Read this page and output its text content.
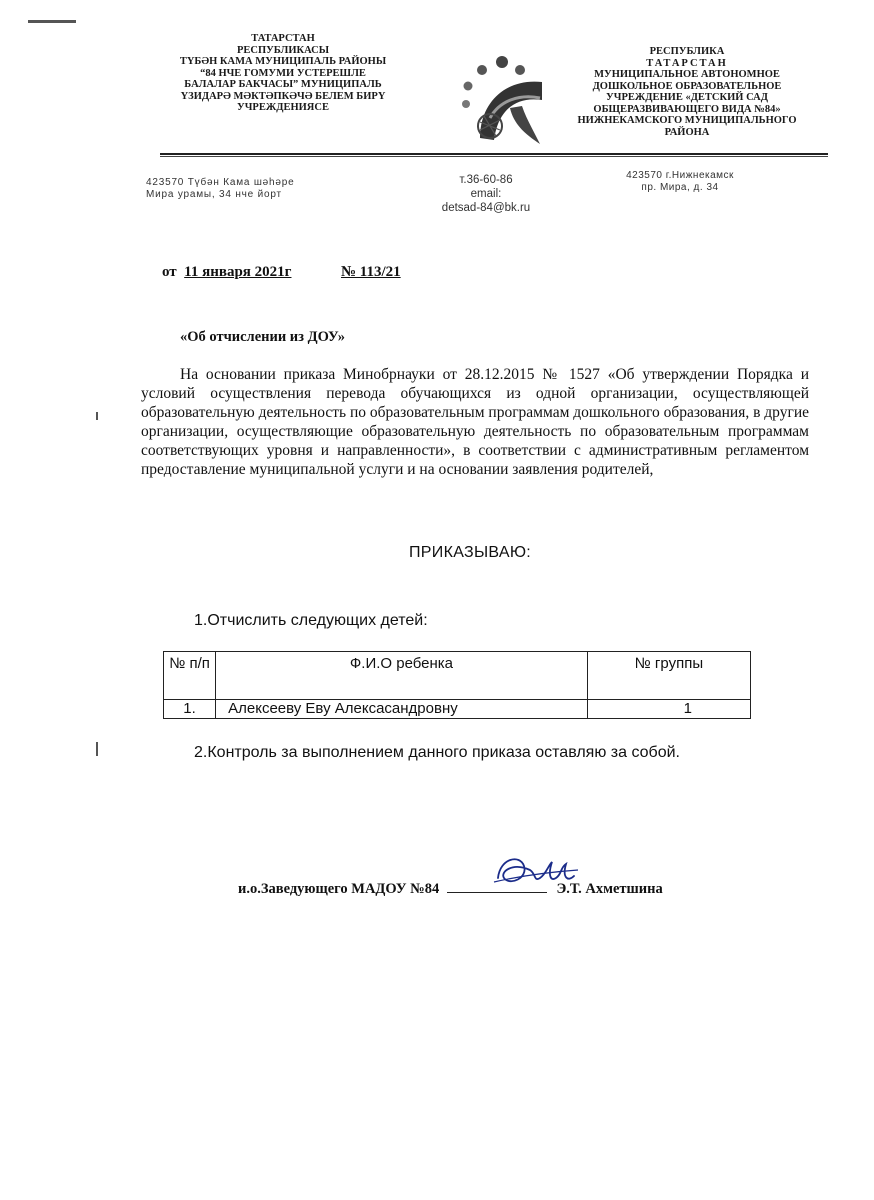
ТАТАРСТАН
РЕСПУБЛИКАСЫ
ТҮБӘН КАМА МУНИЦИПАЛЬ РАЙОНЫ
“84 НЧЕ ГОМУМИ УСТЕРЕШЛЕ
БАЛАЛАР БАКЧАСЫ” МУНИЦИПАЛЬ
ҮЗИДАРӘ МӘКТӘПКӘЧӘ БЕЛЕМ БИРҮ
УЧРЕЖДЕНИЯСЕ
РЕСПУБЛИКА
ТАТАРСТАН
МУНИЦИПАЛЬНОЕ АВТОНОМНОЕ
ДОШКОЛЬНОЕ ОБРАЗОВАТЕЛЬНОЕ
УЧРЕЖДЕНИЕ «ДЕТСКИЙ САД
ОБЩЕРАЗВИВАЮЩЕГО ВИДА №84»
НИЖНЕКАМСКОГО МУНИЦИПАЛЬНОГО
РАЙОНА
423570 Түбән Кама шәһәре
Мира урамы, 34 нче йорт
т.36-60-86
email:
detsad-84@bk.ru
423570 г.Нижнекамск
пр. Мира, д. 34
от 11 января 2021г	№ 113/21
«Об отчислении из ДОУ»

На основании приказа Минобрнауки от 28.12.2015 № 1527 «Об утверждении Порядка и условий осуществления перевода обучающихся из одной организации, осуществляющей образовательную деятельность по образовательным программам дошкольного образования, в другие организации, осуществляющие образовательную деятельность по образовательным программам соответствующих уровня и направленности», в соответствии с административным регламентом предоставление муниципальной услуги и на основании заявления родителей,

ПРИКАЗЫВАЮ:
1.Отчислить следующих детей:
№ п/п	Ф.И.О ребенка	№ группы
1.	Алексееву Еву Алексасандровну	1
2.Контроль за выполнением данного приказа оставляю за собой.
и.о.Заведующего МАДОУ №84	Э.Т. Ахметшина
